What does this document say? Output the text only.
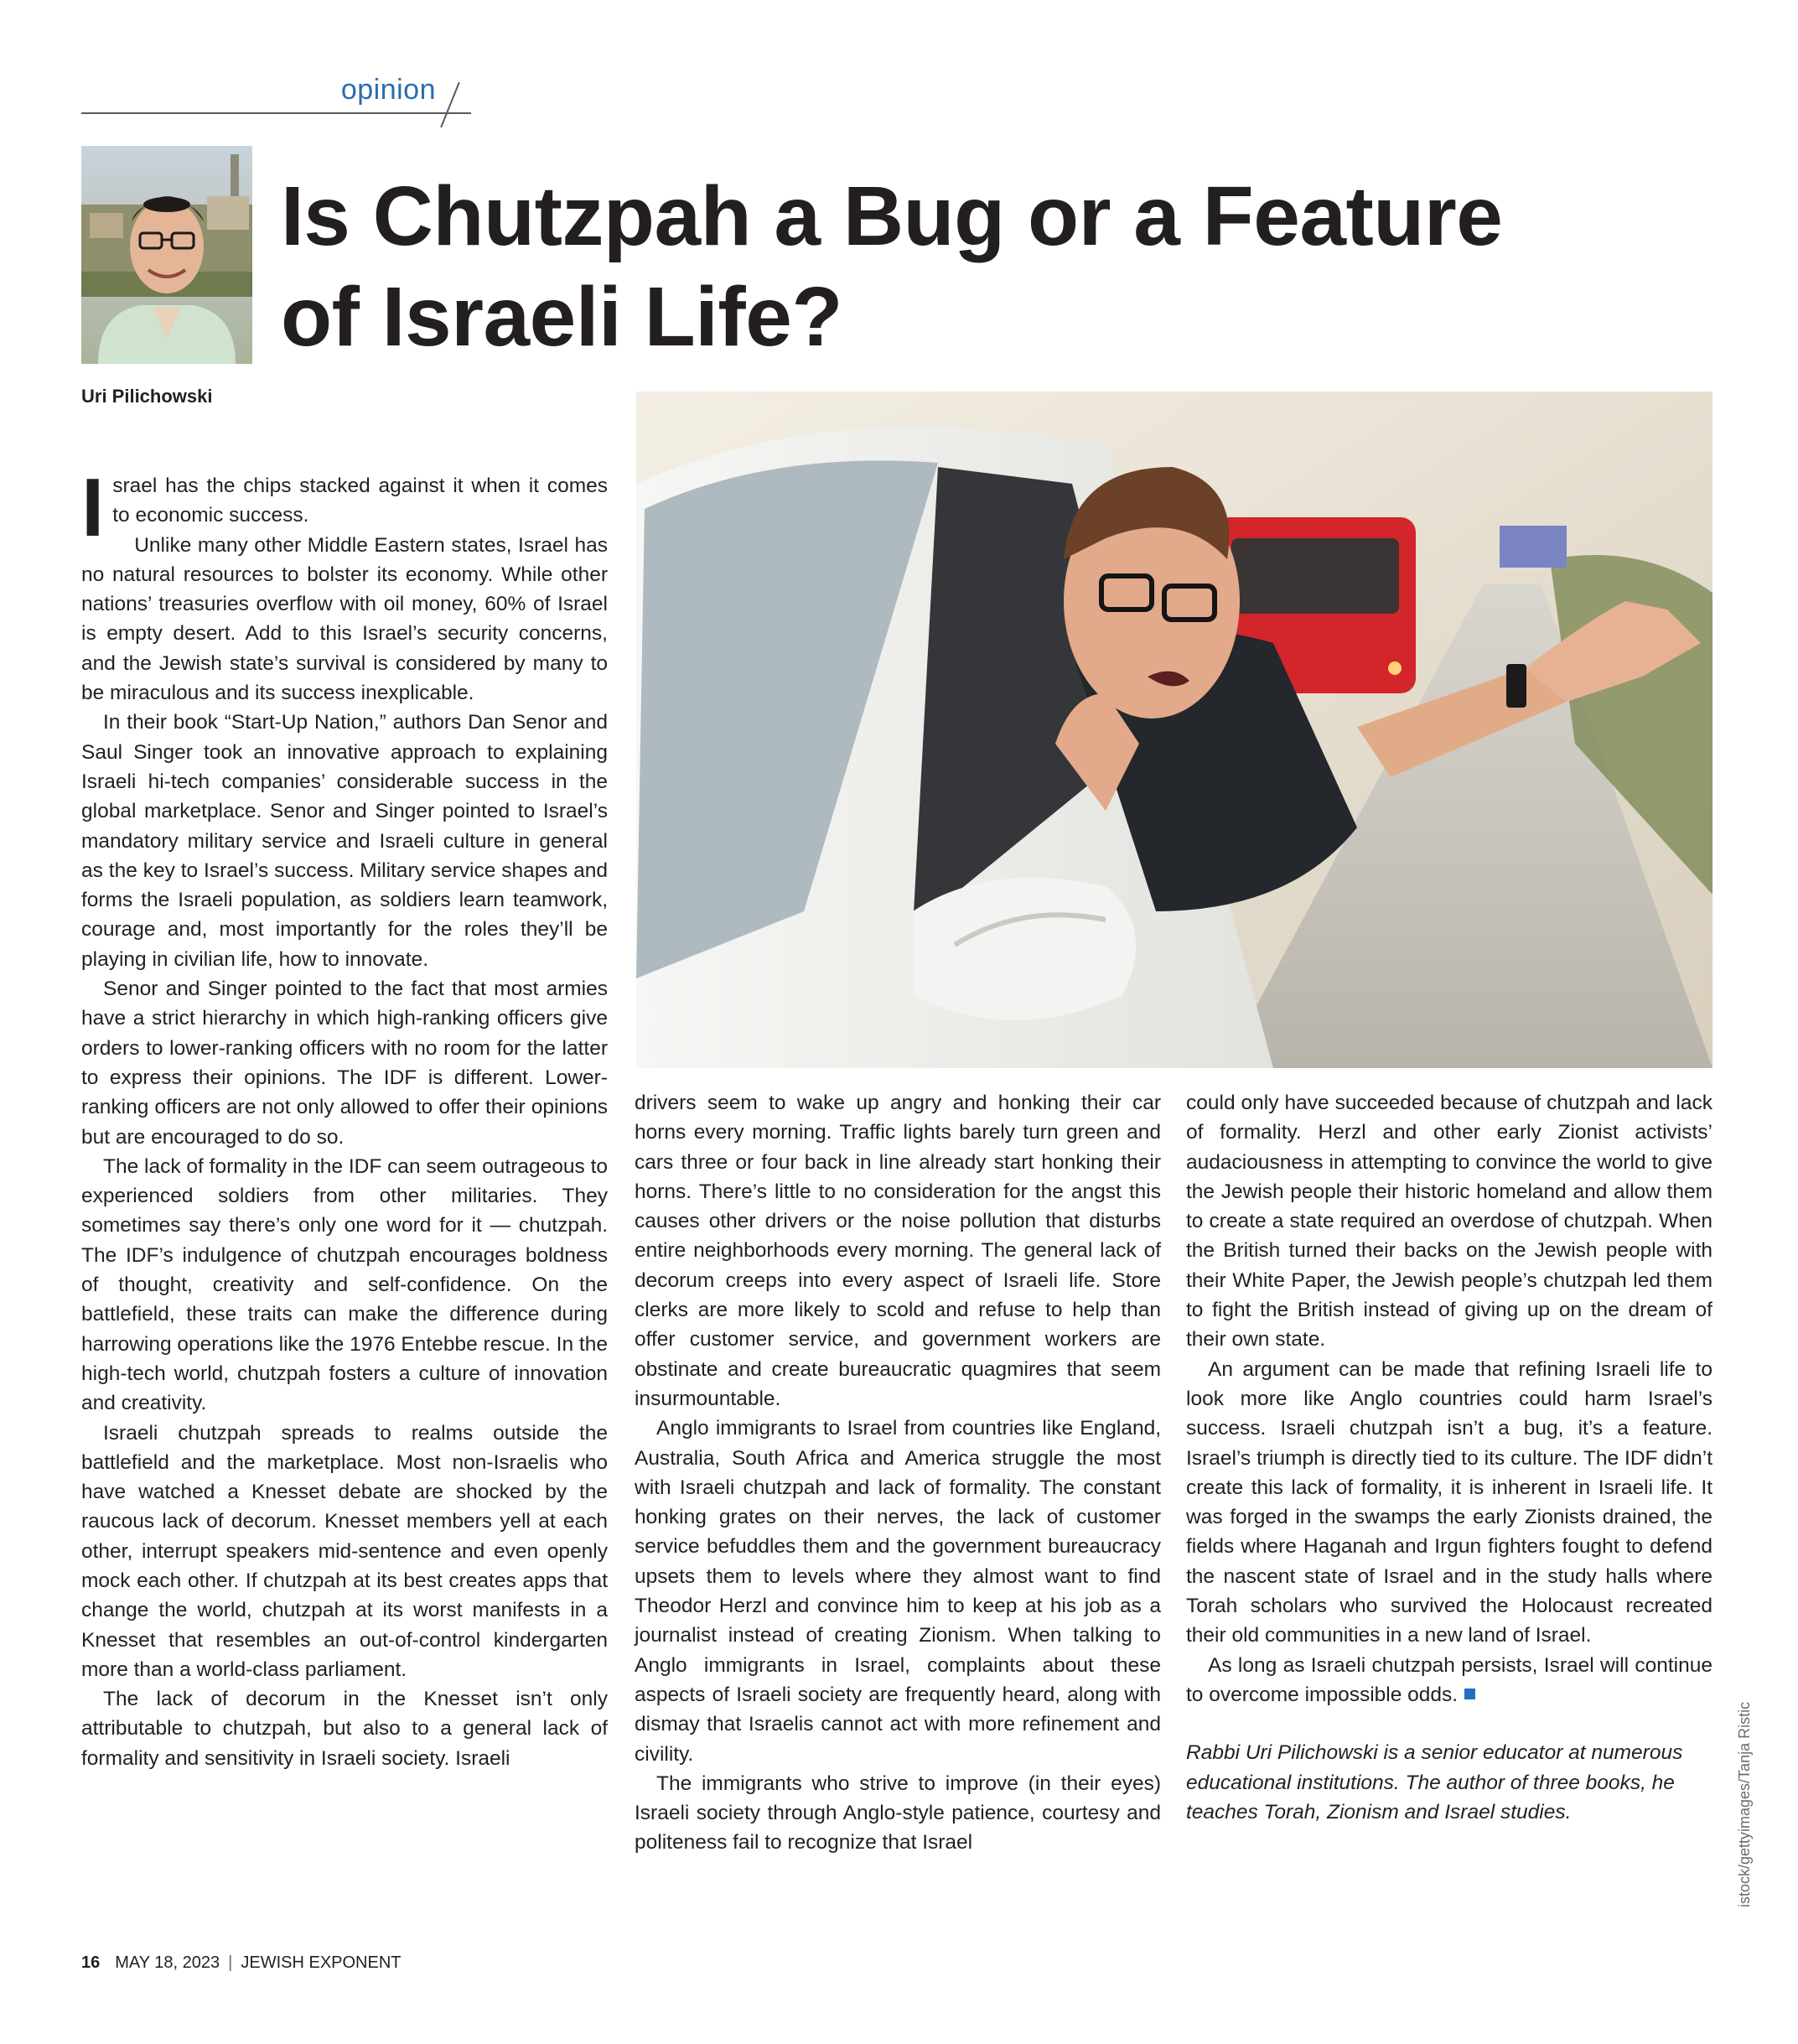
opinion
Uri Pilichowski
Is Chutzpah a Bug or a Feature
of Israeli Life?
istock/gettyimages/Tanja Ristic

Israel has the chips stacked against it when it comes to economic success.

Unlike many other Middle Eastern states, Israel has no natural resources to bolster its economy. While other nations’ treasuries overflow with oil money, 60% of Israel is empty desert. Add to this Israel’s security concerns, and the Jewish state’s survival is considered by many to be miraculous and its success inexplicable.

In their book “Start-Up Nation,” authors Dan Senor and Saul Singer took an innovative approach to explaining Israeli hi-tech companies’ considerable success in the global marketplace. Senor and Singer pointed to Israel’s mandatory military service and Israeli culture in general as the key to Israel’s success. Military service shapes and forms the Israeli population, as soldiers learn teamwork, courage and, most importantly for the roles they’ll be playing in civilian life, how to innovate.

Senor and Singer pointed to the fact that most armies have a strict hierarchy in which high-ranking officers give orders to lower-ranking officers with no room for the latter to express their opinions. The IDF is different. Lower-ranking officers are not only allowed to offer their opinions but are encouraged to do so.

The lack of formality in the IDF can seem outrageous to experienced soldiers from other militaries. They sometimes say there’s only one word for it — chutzpah. The IDF’s indulgence of chutzpah encourages boldness of thought, creativity and self-confidence. On the battlefield, these traits can make the difference during harrowing operations like the 1976 Entebbe rescue. In the high-tech world, chutzpah fosters a culture of innovation and creativity.

Israeli chutzpah spreads to realms outside the battlefield and the marketplace. Most non-Israelis who have watched a Knesset debate are shocked by the raucous lack of decorum. Knesset members yell at each other, interrupt speakers mid-sentence and even openly mock each other. If chutzpah at its best creates apps that change the world, chutzpah at its worst manifests in a Knesset that resembles an out-of-control kindergarten more than a world-class parliament.

The lack of decorum in the Knesset isn’t only attributable to chutzpah, but also to a general lack of formality and sensitivity in Israeli society. Israeli

drivers seem to wake up angry and honking their car horns every morning. Traffic lights barely turn green and cars three or four back in line already start honking their horns. There’s little to no consideration for the angst this causes other drivers or the noise pollution that disturbs entire neighborhoods every morning. The general lack of decorum creeps into every aspect of Israeli life. Store clerks are more likely to scold and refuse to help than offer customer service, and government workers are obstinate and create bureaucratic quagmires that seem insurmountable.

Anglo immigrants to Israel from countries like England, Australia, South Africa and America struggle the most with Israeli chutzpah and lack of formality. The constant honking grates on their nerves, the lack of customer service befuddles them and the government bureaucracy upsets them to levels where they almost want to find Theodor Herzl and convince him to keep at his job as a journalist instead of creating Zionism. When talking to Anglo immigrants in Israel, complaints about these aspects of Israeli society are frequently heard, along with dismay that Israelis cannot act with more refinement and civility.

The immigrants who strive to improve (in their eyes) Israeli society through Anglo-style patience, courtesy and politeness fail to recognize that Israel

could only have succeeded because of chutzpah and lack of formality. Herzl and other early Zionist activists’ audaciousness in attempting to convince the world to give the Jewish people their historic homeland and allow them to create a state required an overdose of chutzpah. When the British turned their backs on the Jewish people with their White Paper, the Jewish people’s chutzpah led them to fight the British instead of giving up on the dream of their own state.

An argument can be made that refining Israeli life to look more like Anglo countries could harm Israel’s success. Israeli chutzpah isn’t a bug, it’s a feature. Israel’s triumph is directly tied to its culture. The IDF didn’t create this lack of formality, it is inherent in Israeli life. It was forged in the swamps the early Zionists drained, the fields where Haganah and Irgun fighters fought to defend the nascent state of Israel and in the study halls where Torah scholars who survived the Holocaust recreated their old communities in a new land of Israel.

As long as Israeli chutzpah persists, Israel will continue to overcome impossible odds.

Rabbi Uri Pilichowski is a senior educator at numerous educational institutions. The author of three books, he teaches Torah, Zionism and Israel studies.

16 MAY 18, 2023 | JEWISH EXPONENT
